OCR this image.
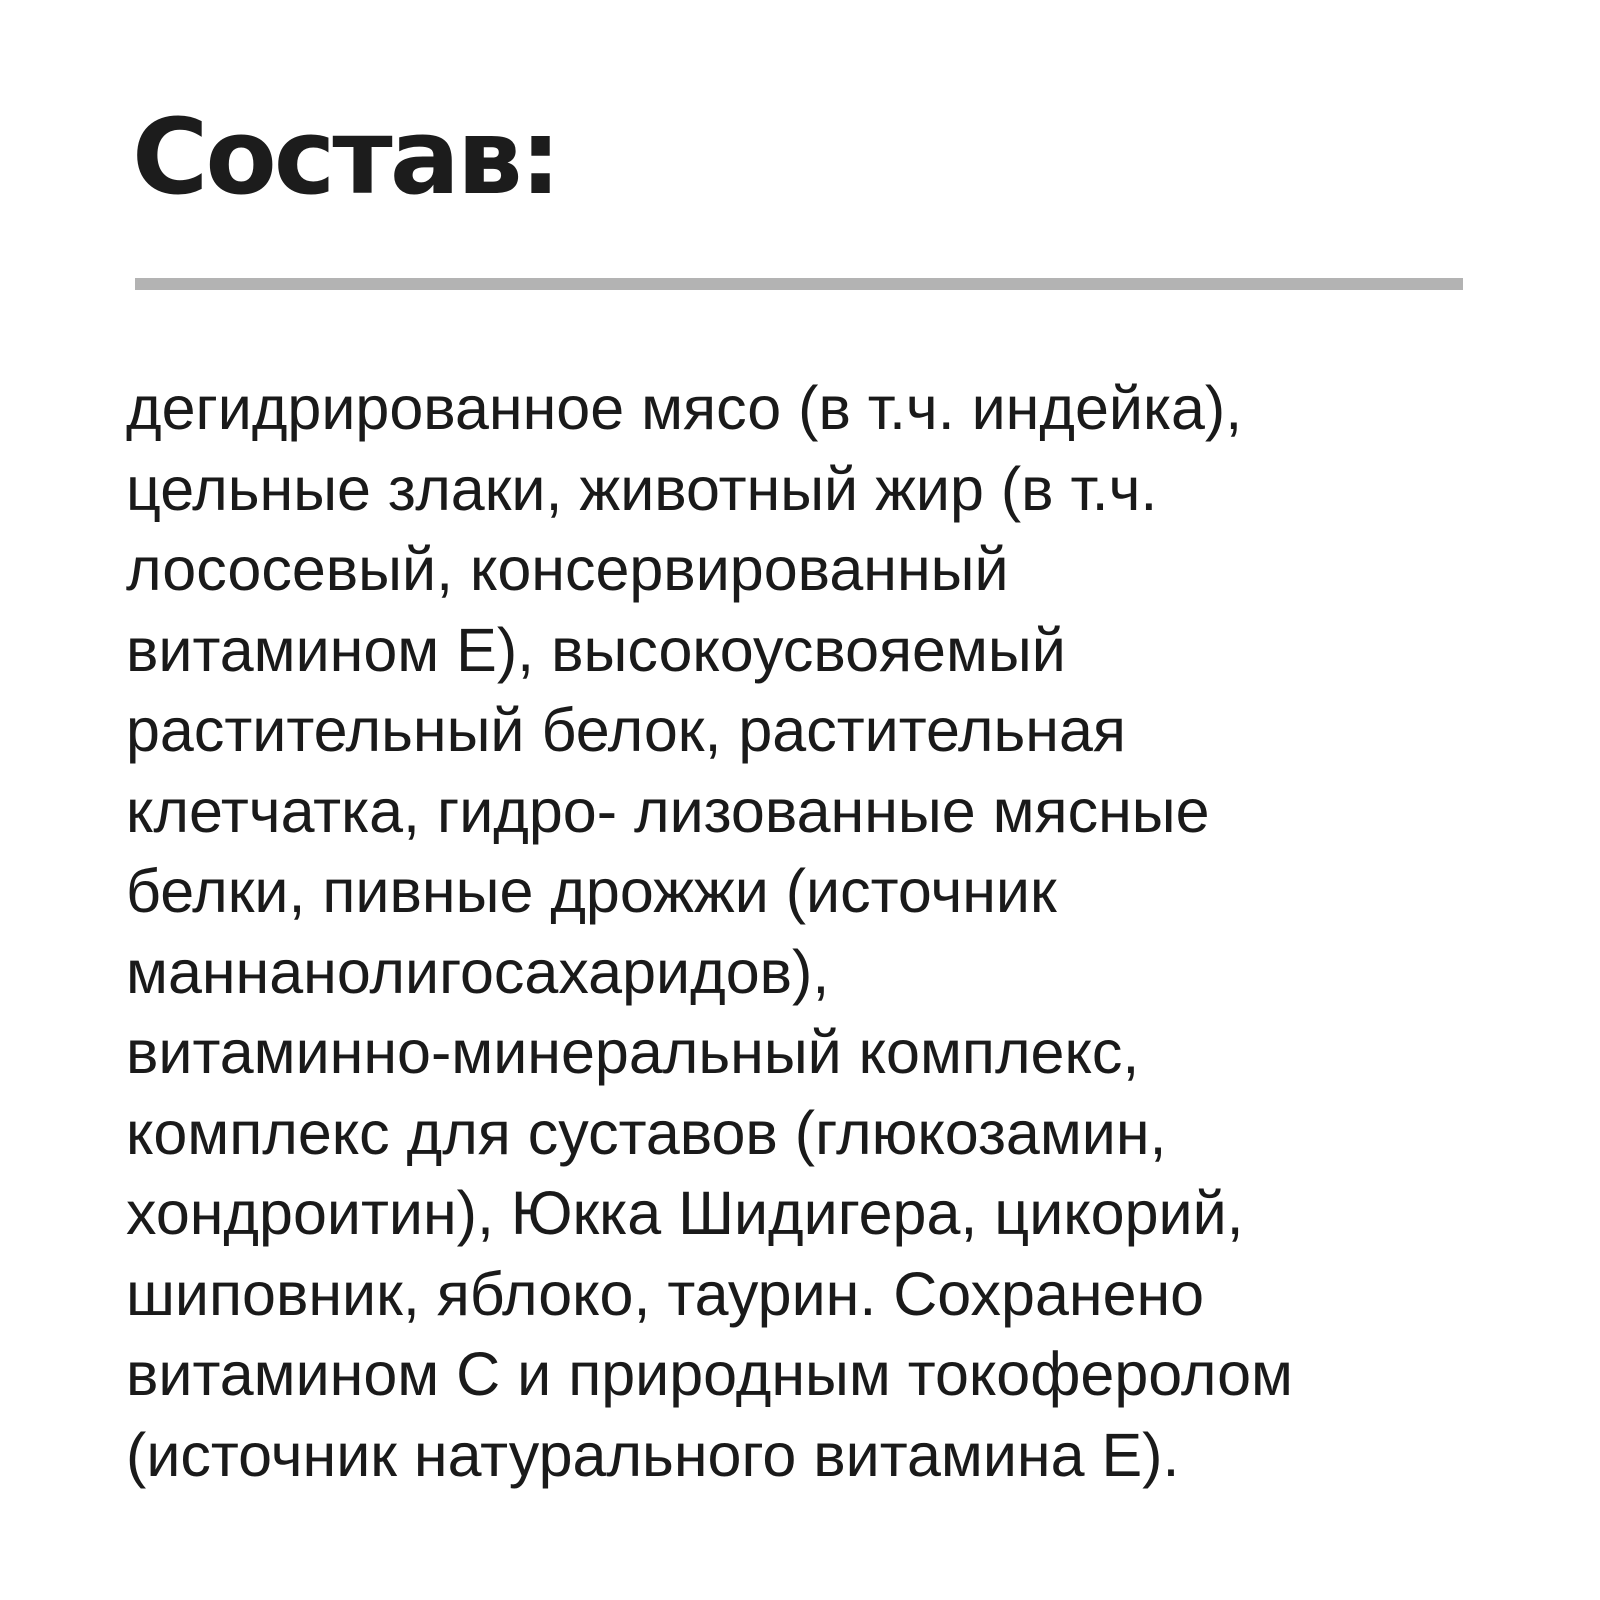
Состав:

дегидрированное мясо (в т.ч. индейка),
цельные злаки, животный жир (в т.ч.
лососевый, консервированный
витамином Е), высокоусвояемый
растительный белок, растительная
клетчатка, гидро- лизованные мясные
белки, пивные дрожжи (источник
маннанолигосахаридов),
витаминно-минеральный комплекс,
комплекс для суставов (глюкозамин,
хондроитин), Юкка Шидигера, цикорий,
шиповник, яблоко, таурин. Сохранено
витамином С и природным токоферолом
(источник натурального витамина Е).
